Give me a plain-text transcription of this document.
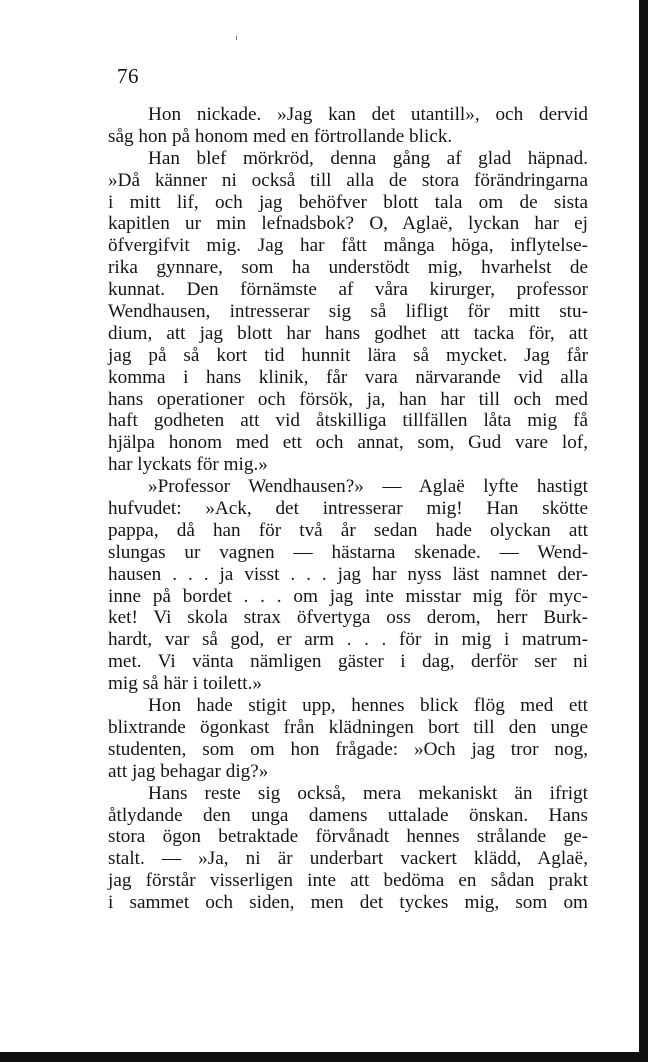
76
Hon nickade. »Jag kan det utantill», och dervid
såg hon på honom med en förtrollande blick.
Han blef mörkröd, denna gång af glad häpnad.
»Då känner ni också till alla de stora förändringarna
i mitt lif, och jag behöfver blott tala om de sista
kapitlen ur min lefnadsbok? O, Aglaë, lyckan har ej
öfvergifvit mig. Jag har fått många höga, inflytelse-
rika gynnare, som ha understödt mig, hvarhelst de
kunnat. Den förnämste af våra kirurger, professor
Wendhausen, intresserar sig så lifligt för mitt stu-
dium, att jag blott har hans godhet att tacka för, att
jag på så kort tid hunnit lära så mycket. Jag får
komma i hans klinik, får vara närvarande vid alla
hans operationer och försök, ja, han har till och med
haft godheten att vid åtskilliga tillfällen låta mig få
hjälpa honom med ett och annat, som, Gud vare lof,
har lyckats för mig.»
»Professor Wendhausen?» — Aglaë lyfte hastigt
hufvudet: »Ack, det intresserar mig! Han skötte
pappa, då han för två år sedan hade olyckan att
slungas ur vagnen — hästarna skenade. — Wend-
hausen . . . ja visst . . . jag har nyss läst namnet der-
inne på bordet . . . om jag inte misstar mig för myc-
ket! Vi skola strax öfvertyga oss derom, herr Burk-
hardt, var så god, er arm . . . för in mig i matrum-
met. Vi vänta nämligen gäster i dag, derför ser ni
mig så här i toilett.»
Hon hade stigit upp, hennes blick flög med ett
blixtrande ögonkast från klädningen bort till den unge
studenten, som om hon frågade: »Och jag tror nog,
att jag behagar dig?»
Hans reste sig också, mera mekaniskt än ifrigt
åtlydande den unga damens uttalade önskan. Hans
stora ögon betraktade förvånadt hennes strålande ge-
stalt. — »Ja, ni är underbart vackert klädd, Aglaë,
jag förstår visserligen inte att bedöma en sådan prakt
i sammet och siden, men det tyckes mig, som om
